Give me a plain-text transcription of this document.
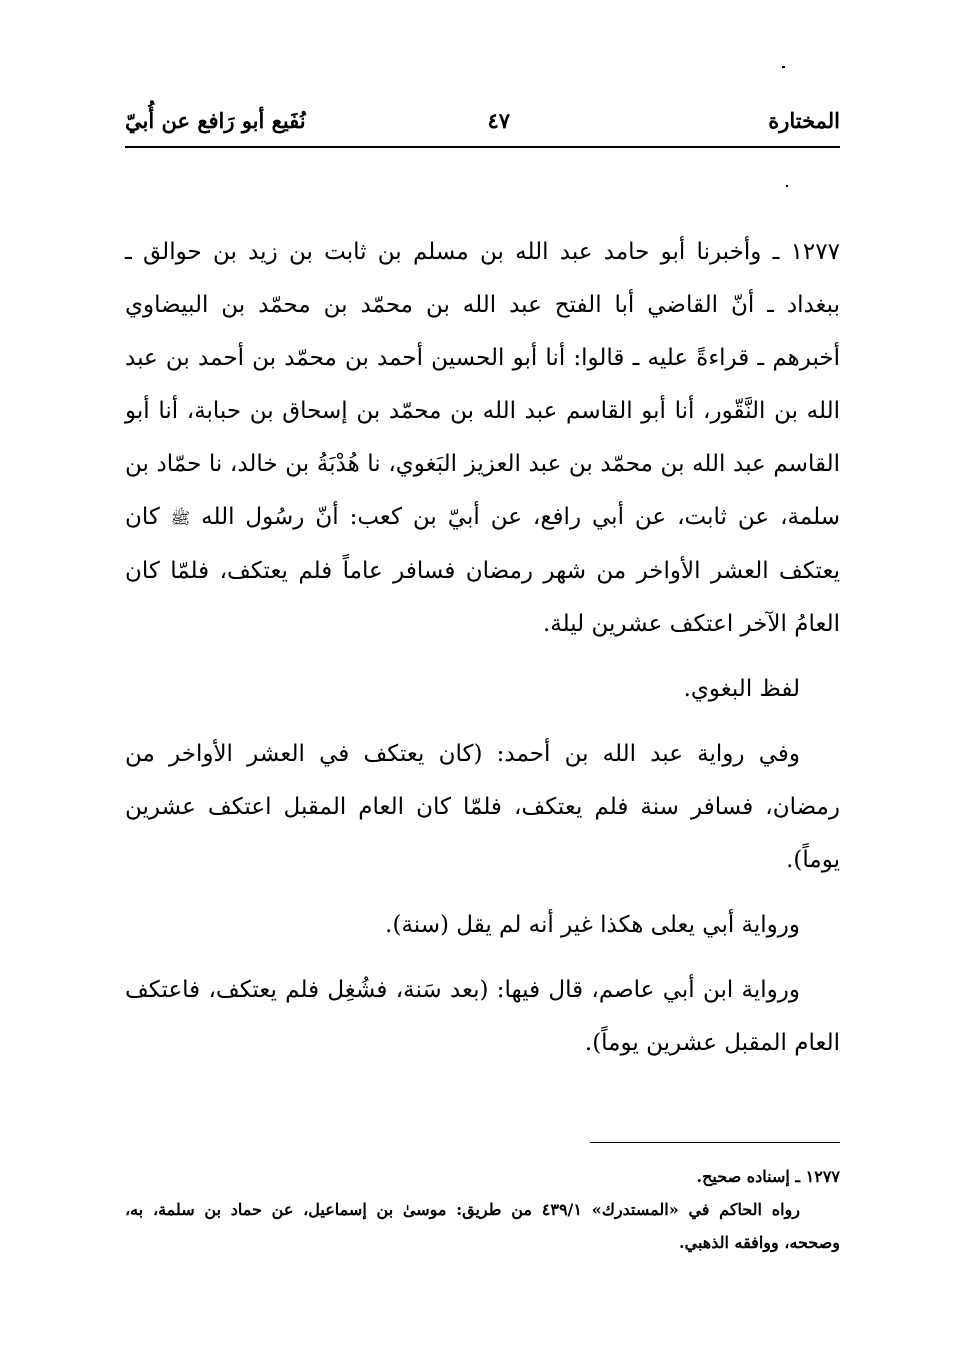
المختارة
٤٧
نُفَيع أبو رَافع عن أُبيّ

١٢٧٧ ـ وأخبرنا أبو حامد عبد الله بن مسلم بن ثابت بن زيد بن حوالق ـ ببغداد ـ أنّ القاضي أبا الفتح عبد الله بن محمّد بن محمّد بن البيضاوي أخبرهم ـ قراءةً عليه ـ قالوا: أنا أبو الحسين أحمد بن محمّد بن أحمد بن عبد الله بن النَّقّور، أنا أبو القاسم عبد الله بن محمّد بن إسحاق بن حبابة، أنا أبو القاسم عبد الله بن محمّد بن عبد العزيز البَغوي، نا هُدْبَةُ بن خالد، نا حمّاد بن سلمة، عن ثابت، عن أبي رافع، عن أبيّ بن كعب: أنّ رسُول الله ﷺ كان يعتكف العشر الأواخر من شهر رمضان فسافر عاماً فلم يعتكف، فلمّا كان العامُ الآخر اعتكف عشرين ليلة.

لفظ البغوي.

وفي رواية عبد الله بن أحمد: (كان يعتكف في العشر الأواخر من رمضان، فسافر سنة فلم يعتكف، فلمّا كان العام المقبل اعتكف عشرين يوماً).

ورواية أبي يعلى هكذا غير أنه لم يقل (سنة).

ورواية ابن أبي عاصم، قال فيها: (بعد سَنة، فشُغِل فلم يعتكف، فاعتكف العام المقبل عشرين يوماً).

١٢٧٧ ـ إسناده صحيح.

رواه الحاكم في «المستدرك» ٤٣٩/١ من طريق: موسىٰ بن إسماعيل، عن حماد بن سلمة، به، وصححه، ووافقه الذهبي.
